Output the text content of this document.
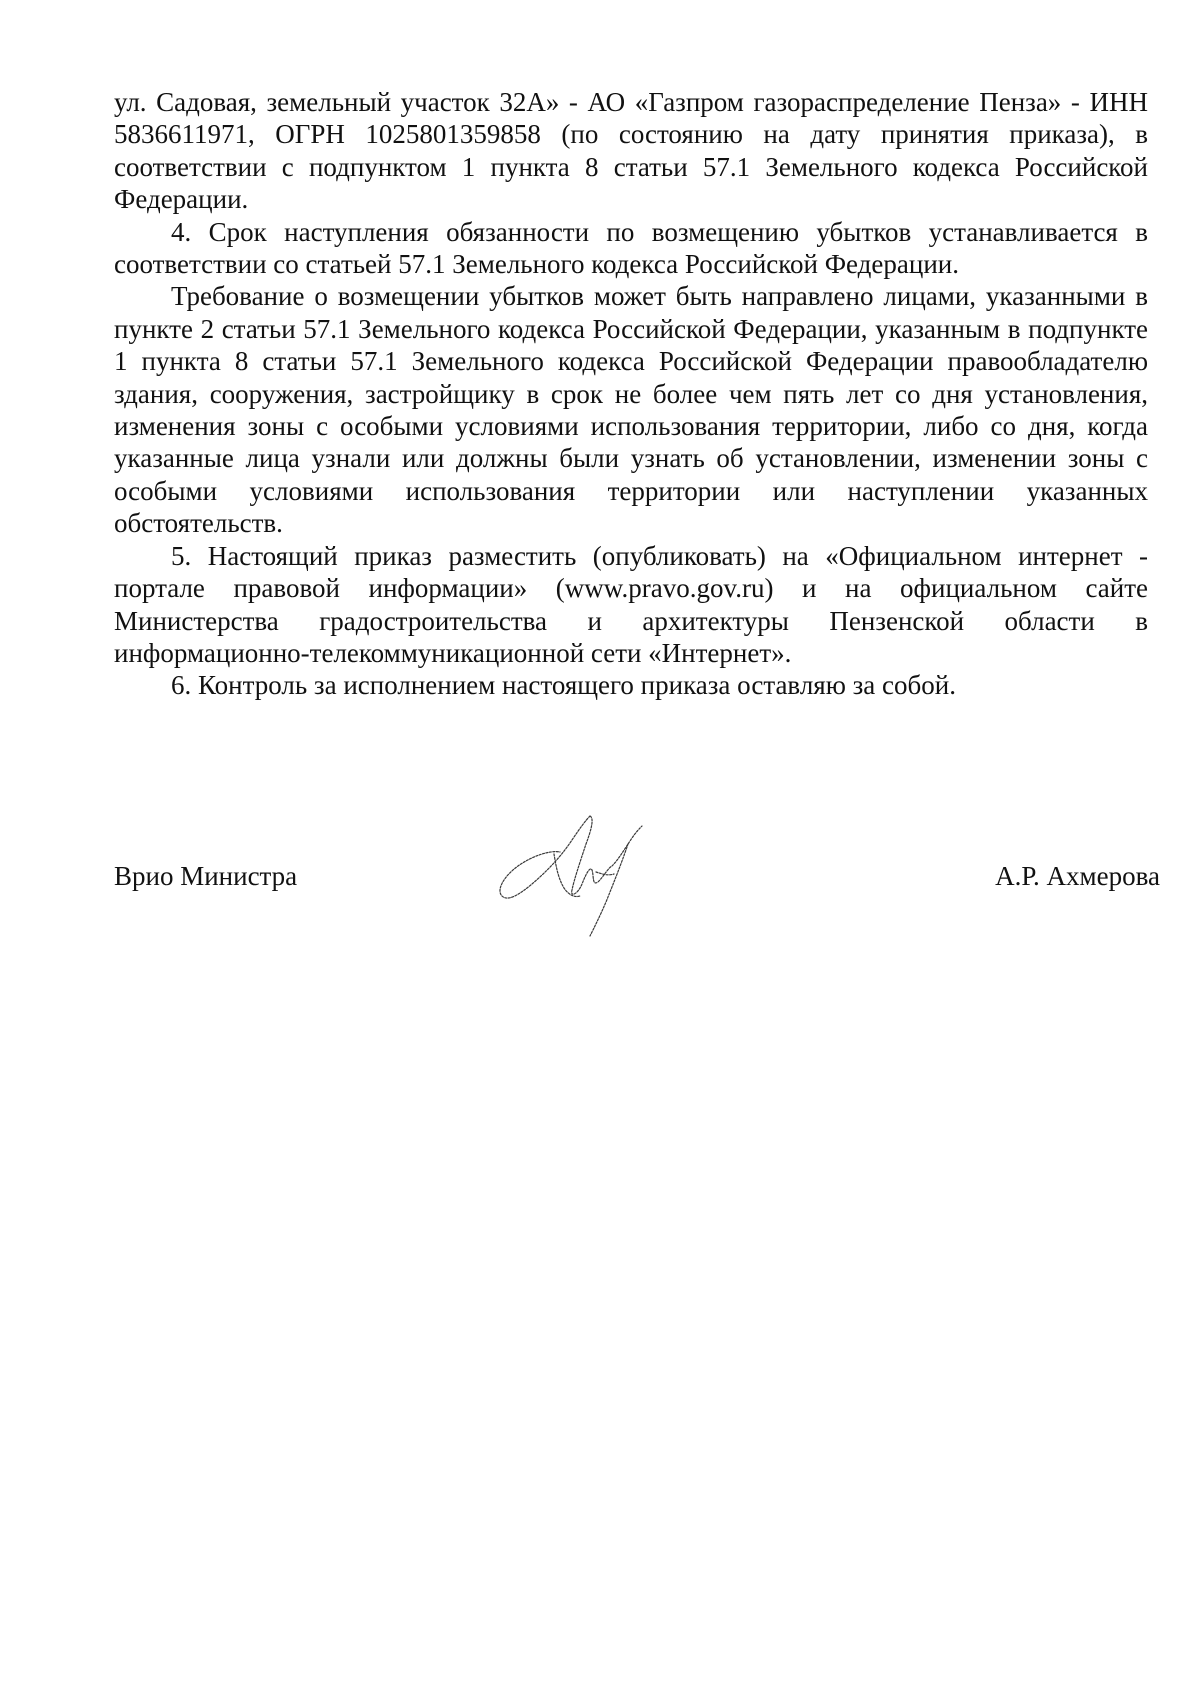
ул. Садовая, земельный участок 32А» - АО «Газпром газораспределение Пенза» - ИНН 5836611971, ОГРН 1025801359858 (по состоянию на дату принятия приказа), в соответствии с подпунктом 1 пункта 8 статьи 57.1 Земельного кодекса Российской Федерации.

4. Срок наступления обязанности по возмещению убытков устанавливается в соответствии со статьей 57.1 Земельного кодекса Российской Федерации.

Требование о возмещении убытков может быть направлено лицами, указанными в пункте 2 статьи 57.1 Земельного кодекса Российской Федерации, указанным в подпункте 1 пункта 8 статьи 57.1 Земельного кодекса Российской Федерации правообладателю здания, сооружения, застройщику в срок не более чем пять лет со дня установления, изменения зоны с особыми условиями использования территории, либо со дня, когда указанные лица узнали или должны были узнать об установлении, изменении зоны с особыми условиями использования территории или наступлении указанных обстоятельств.

5. Настоящий приказ разместить (опубликовать) на «Официальном интернет - портале правовой информации» (www.pravo.gov.ru) и на официальном сайте Министерства градостроительства и архитектуры Пензенской области в информационно-телекоммуникационной сети «Интернет».

6. Контроль за исполнением настоящего приказа оставляю за собой.

Врио Министра	А.Р. Ахмерова
